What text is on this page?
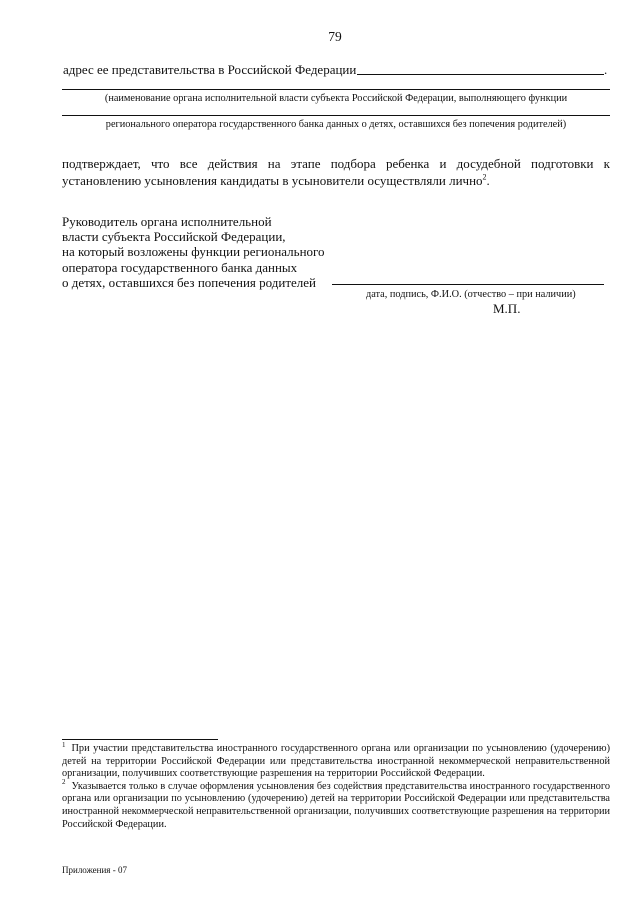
79
адрес ее представительства в Российской Федерации	.
(наименование органа исполнительной власти субъекта Российской Федерации, выполняющего функции
регионального оператора государственного банка данных о детях, оставшихся без попечения родителей)
подтверждает, что все действия на этапе подбора ребенка и досудебной подготовки к
установлению усыновления кандидаты в усыновители осуществляли лично$^2$.
Руководитель органа исполнительной
власти субъекта Российской Федерации,
на который возложены функции регионального
оператора государственного банка данных
о детях, оставшихся без попечения родителей
дата, подпись, Ф.И.О. (отчество – при наличии)
М.П.

$^1$ При участии представительства иностранного государственного органа или организации по усыновлению (удочерению) детей на территории Российской Федерации или представительства иностранной некоммерческой неправительственной организации, получивших соответствующие разрешения на территории Российской Федерации.

$^2$ Указывается только в случае оформления усыновления без содействия представительства иностранного государственного органа или организации по усыновлению (удочерению) детей на территории Российской Федерации или представительства иностранной некоммерческой неправительственной организации, получивших соответствующие разрешения на территории Российской Федерации.

Приложения - 07
